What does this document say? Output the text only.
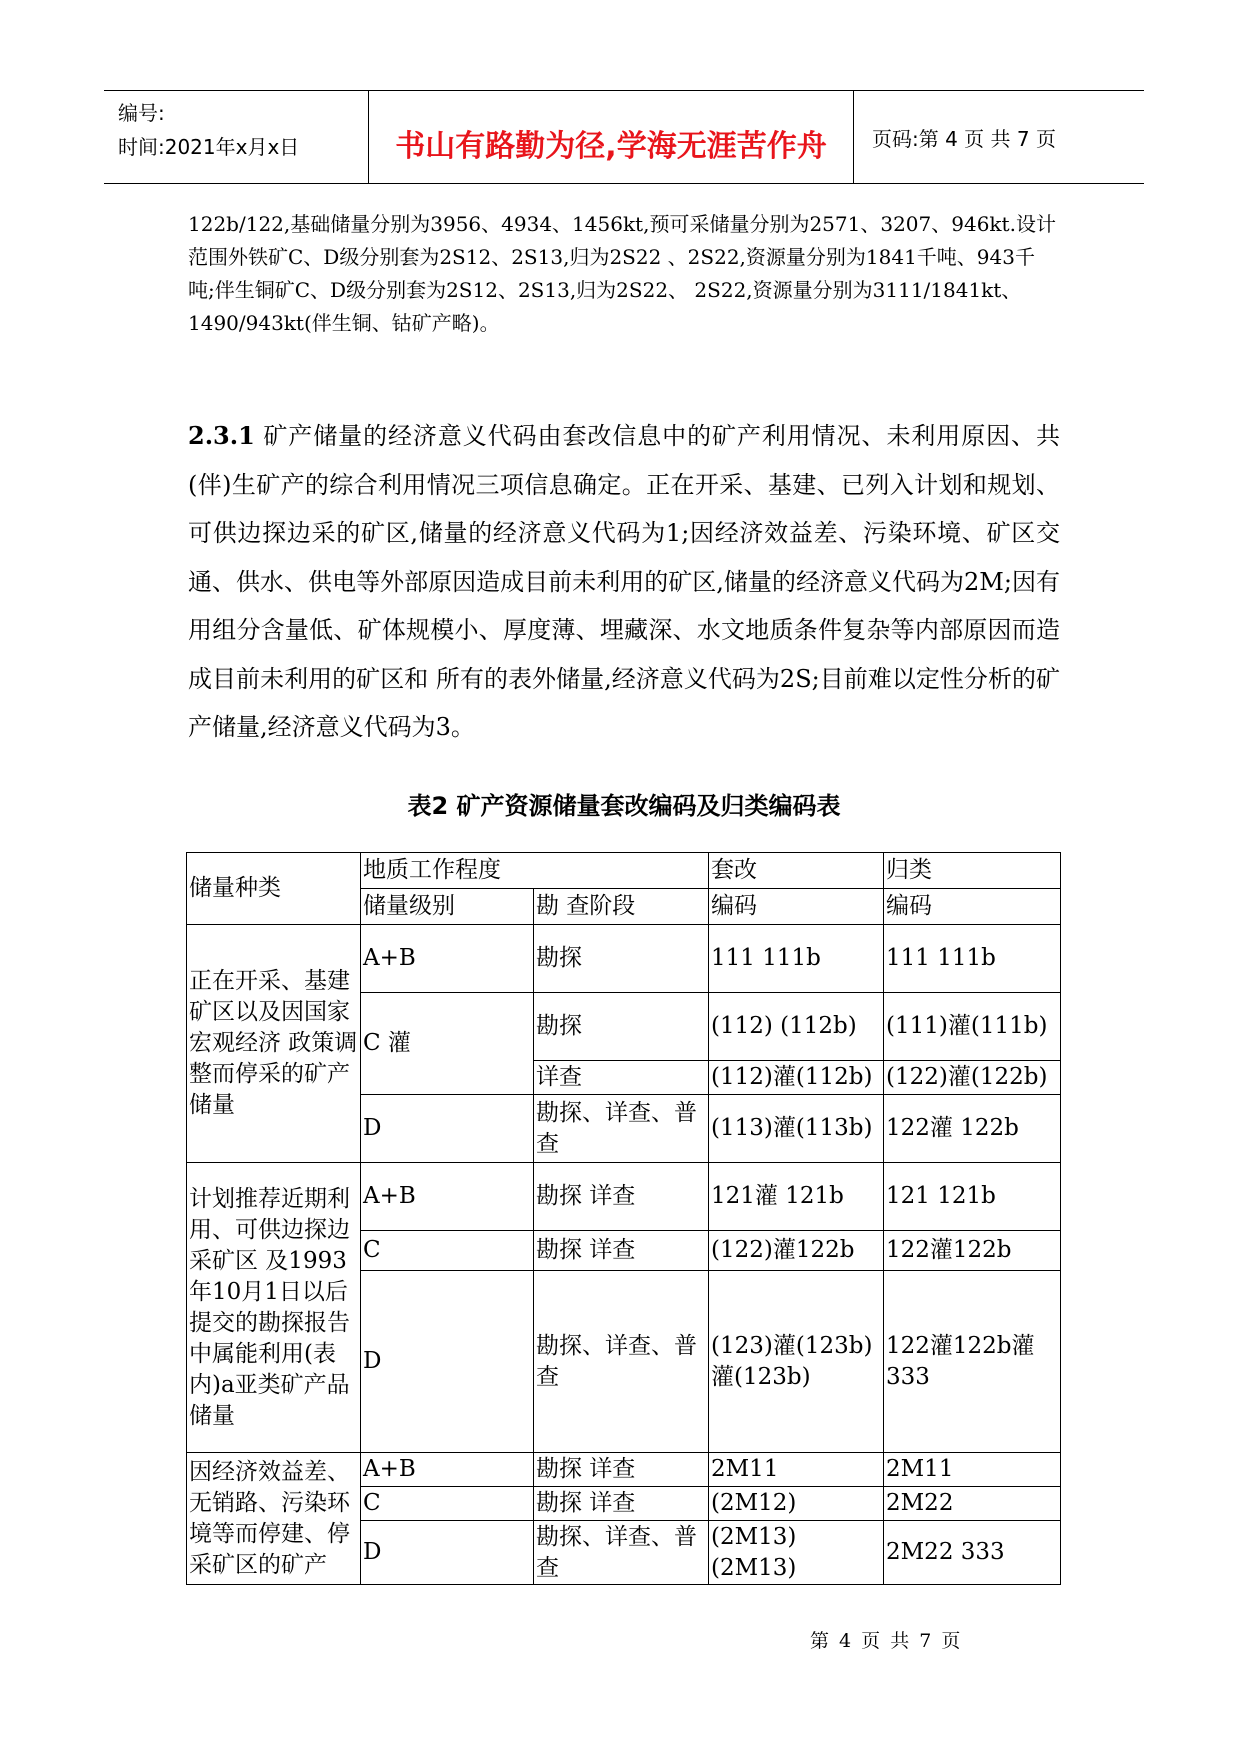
编号:
时间:2021年x月x日	书山有路勤为径,学海无涯苦作舟	页码:第 4 页 共 7 页
122b/122,基础储量分别为3956、4934、1456kt,预可采储量分别为2571、3207、946kt.设计范围外铁矿C、D级分别套为2S12、2S13,归为2S22 、2S22,资源量分别为1841千吨、943千吨;伴生铜矿C、D级分别套为2S12、2S13,归为2S22、 2S22,资源量分别为3111/1841kt、1490/943kt(伴生铜、钴矿产略)。
2.3.1 矿产储量的经济意义代码由套改信息中的矿产利用情况、未利用原因、共(伴)生矿产的综合利用情况三项信息确定。正在开采、基建、已列入计划和规划、可供边探边采的矿区,储量的经济意义代码为1;因经济效益差、污染环境、矿区交通、供水、供电等外部原因造成目前未利用的矿区,储量的经济意义代码为2M;因有用组分含量低、矿体规模小、厚度薄、埋藏深、水文地质条件复杂等内部原因而造成目前未利用的矿区和 所有的表外储量,经济意义代码为2S;目前难以定性分析的矿产储量,经济意义代码为3。
表2 矿产资源储量套改编码及归类编码表
储量种类	地质工作程度		套改	归类
	储量级别	勘 查阶段	编码	编码
正在开采、基建矿区以及因国家宏观经济 政策调整而停采的矿产储量	A+B	勘探	111 111b	111 111b
	C 灌	勘探	(112) (112b)	(111)灌(111b)
		详查	(112)灌(112b)	(122)灌(122b)
	D	勘探、详查、普查	(113)灌(113b)	122灌 122b
计划推荐近期利用、可供边探边采矿区 及1993年10月1日以后提交的勘探报告中属能利用(表内)a亚类矿产品储量	A+B	勘探 详查	121灌 121b	121 121b
	C	勘探 详查	(122)灌122b	122灌122b
	D	勘探、详查、普查	(123)灌(123b)灌(123b)	122灌122b灌333
因经济效益差、无销路、污染环境等而停建、停采矿区的矿产	A+B	勘探 详查	2M11	2M11
	C	勘探 详查	(2M12)	2M22
	D	勘探、详查、普查	(2M13) (2M13)	2M22 333
第 4 页 共 7 页
